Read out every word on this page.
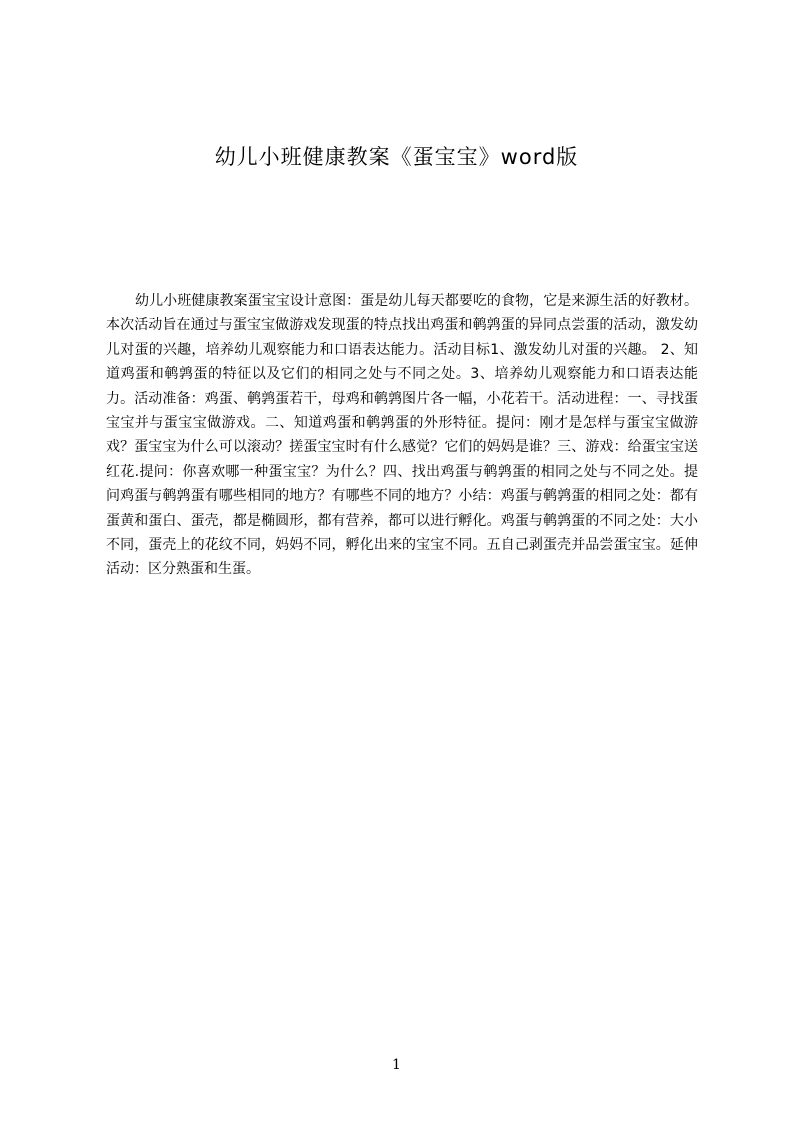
幼儿小班健康教案《蛋宝宝》word版

幼儿小班健康教案蛋宝宝设计意图：蛋是幼儿每天都要吃的食物，它是来源生活的好教材。本次活动旨在通过与蛋宝宝做游戏发现蛋的特点找出鸡蛋和鹌鹑蛋的异同点尝蛋的活动，激发幼儿对蛋的兴趣，培养幼儿观察能力和口语表达能力。活动目标1、激发幼儿对蛋的兴趣。 2、知道鸡蛋和鹌鹑蛋的特征以及它们的相同之处与不同之处。3、培养幼儿观察能力和口语表达能力。活动准备：鸡蛋、鹌鹑蛋若干，母鸡和鹌鹑图片各一幅，小花若干。活动进程：一、寻找蛋宝宝并与蛋宝宝做游戏。二、知道鸡蛋和鹌鹑蛋的外形特征。提问：刚才是怎样与蛋宝宝做游戏？蛋宝宝为什么可以滚动？搓蛋宝宝时有什么感觉？它们的妈妈是谁？三、游戏：给蛋宝宝送红花.提问：你喜欢哪一种蛋宝宝？为什么？四、找出鸡蛋与鹌鹑蛋的相同之处与不同之处。提问鸡蛋与鹌鹑蛋有哪些相同的地方？有哪些不同的地方？小结：鸡蛋与鹌鹑蛋的相同之处：都有蛋黄和蛋白、蛋壳，都是椭圆形，都有营养，都可以进行孵化。鸡蛋与鹌鹑蛋的不同之处：大小不同，蛋壳上的花纹不同，妈妈不同，孵化出来的宝宝不同。五自己剥蛋壳并品尝蛋宝宝。延伸活动：区分熟蛋和生蛋。

1
